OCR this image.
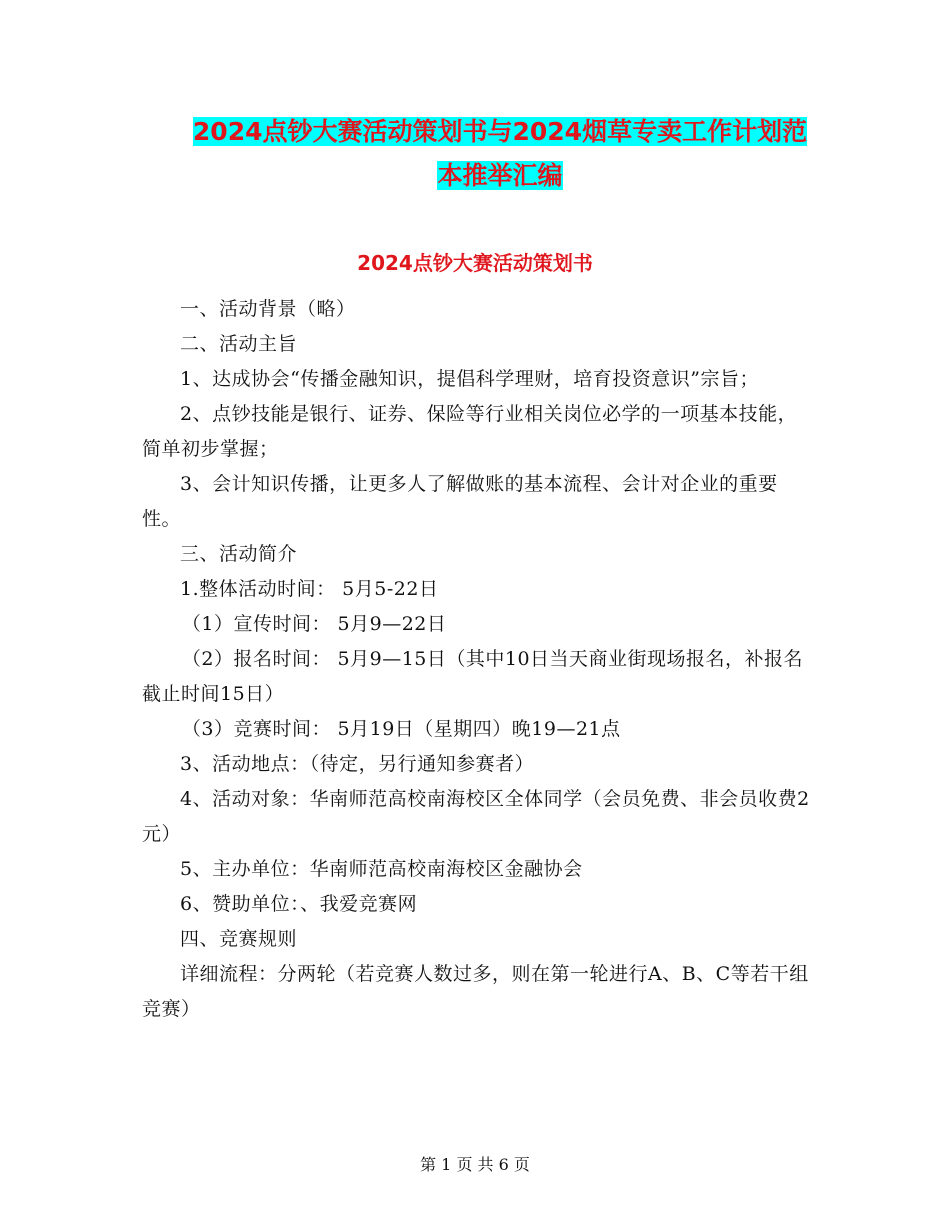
2024点钞大赛活动策划书与2024烟草专卖工作计划范
本推举汇编
2024点钞大赛活动策划书

一、活动背景（略）

二、活动主旨

1、达成协会“传播金融知识，提倡科学理财，培育投资意识”宗旨；

2、点钞技能是银行、证券、保险等行业相关岗位必学的一项基本技能，简单初步掌握；

3、会计知识传播，让更多人了解做账的基本流程、会计对企业的重要性。

三、活动简介

1.整体活动时间： 5月5-22日

（1）宣传时间： 5月9—22日

（2）报名时间： 5月9—15日（其中10日当天商业街现场报名，补报名截止时间15日）

（3）竞赛时间： 5月19日（星期四）晚19—21点

3、活动地点：（待定，另行通知参赛者）

4、活动对象：华南师范高校南海校区全体同学（会员免费、非会员收费2元）

5、主办单位：华南师范高校南海校区金融协会

6、赞助单位：、我爱竞赛网

四、竞赛规则

详细流程：分两轮（若竞赛人数过多，则在第一轮进行A、B、C等若干组竞赛）

第 1 页 共 6 页
